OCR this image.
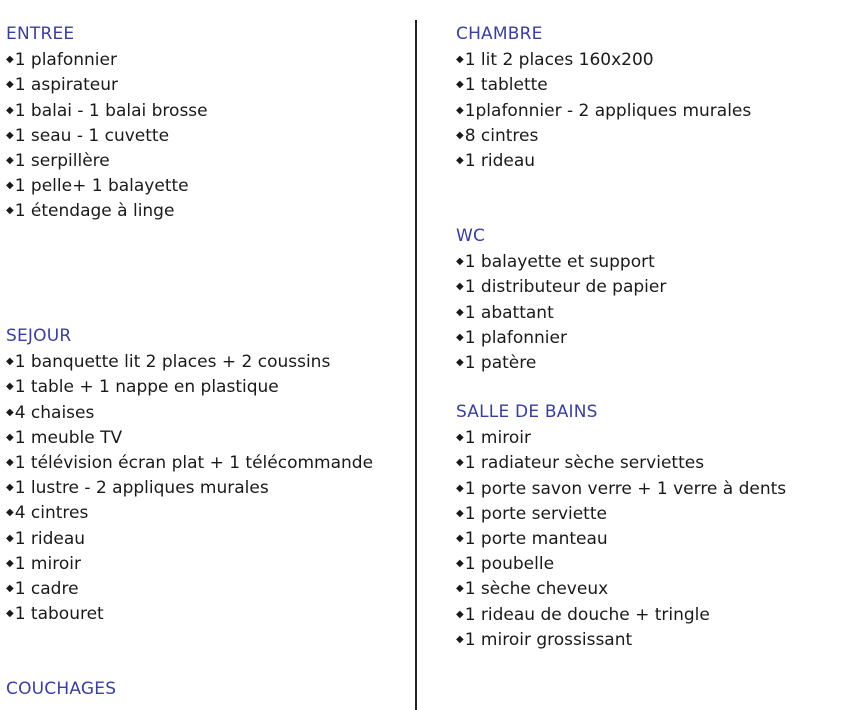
ENTREE
◆1 plafonnier
◆1 aspirateur
◆1 balai - 1 balai brosse
◆1 seau - 1 cuvette
◆1 serpillère
◆1 pelle+ 1 balayette
◆1 étendage à linge
SEJOUR
◆1 banquette lit 2 places + 2 coussins
◆1 table + 1 nappe en plastique
◆4 chaises
◆1 meuble TV
◆1 télévision écran plat + 1 télécommande
◆1 lustre - 2 appliques murales
◆4 cintres
◆1 rideau
◆1 miroir
◆1 cadre
◆1 tabouret
COUCHAGES
CHAMBRE
◆1 lit 2 places 160x200
◆1 tablette
◆1plafonnier - 2 appliques murales
◆8 cintres
◆1 rideau
WC
◆1 balayette et support
◆1 distributeur de papier
◆1 abattant
◆1 plafonnier
◆1 patère
SALLE DE BAINS
◆1 miroir
◆1 radiateur sèche serviettes
◆1 porte savon verre + 1 verre à dents
◆1 porte serviette
◆1 porte manteau
◆1 poubelle
◆1 sèche cheveux
◆1 rideau de douche + tringle
◆1 miroir grossissant
